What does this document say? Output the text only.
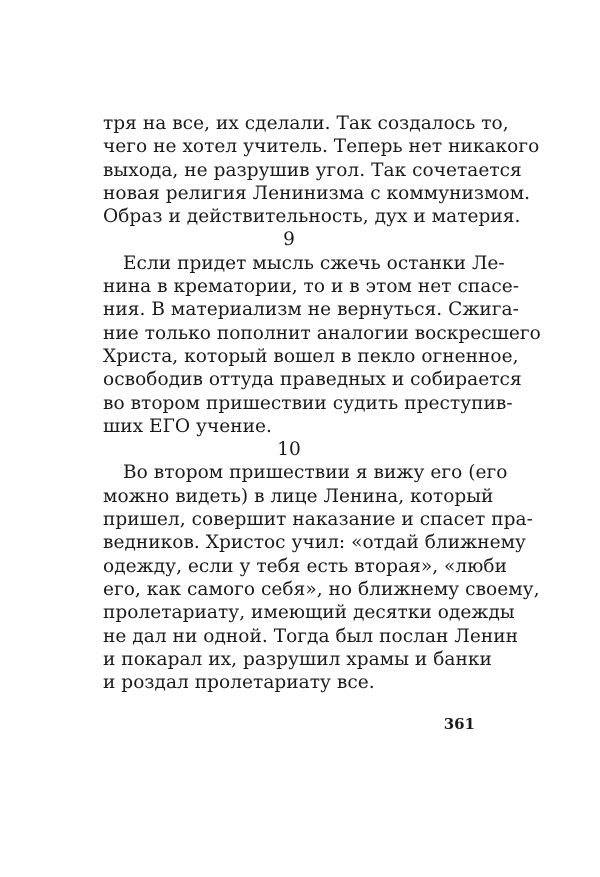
тря на все, их сделали. Так создалось то,
чего не хотел учитель. Теперь нет никакого
выхода, не разрушив угол. Так сочетается
новая религия Ленинизма с коммунизмом.
Образ и действительность, дух и материя.
9
Если придет мысль сжечь останки Ле-
нина в крематории, то и в этом нет спасе-
ния. В материализм не вернуться. Сжига-
ние только пополнит аналогии воскресшего
Христа, который вошел в пекло огненное,
освободив оттуда праведных и собирается
во втором пришествии судить преступив-
ших ЕГО учение.
10
Во втором пришествии я вижу его (его
можно видеть) в лице Ленина, который
пришел, совершит наказание и спасет пра-
ведников. Христос учил: «отдай ближнему
одежду, если у тебя есть вторая», «люби
его, как самого себя», но ближнему своему,
пролетариату, имеющий десятки одежды
не дал ни одной. Тогда был послан Ленин
и покарал их, разрушил храмы и банки
и роздал пролетариату все.
361
